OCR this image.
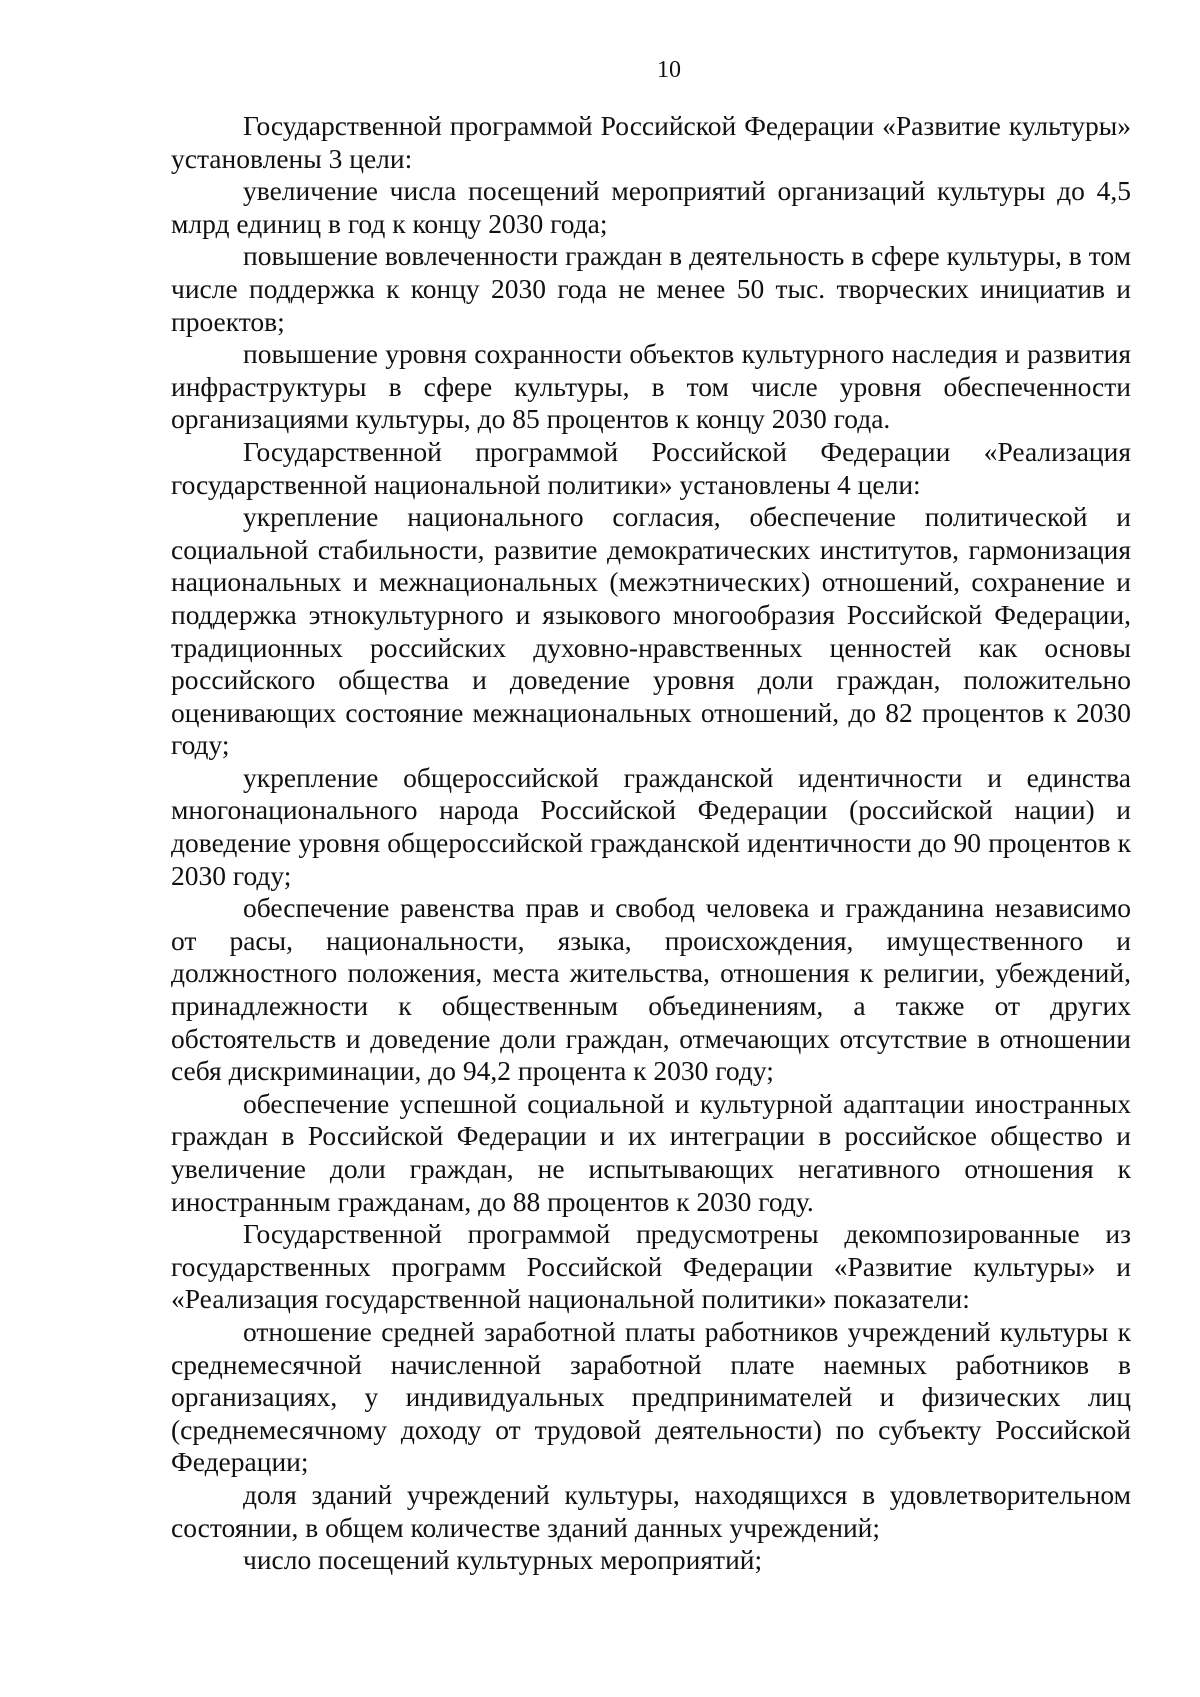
10

Государственной программой Российской Федерации «Развитие культуры» установлены 3 цели:

увеличение числа посещений мероприятий организаций культуры до 4,5 млрд единиц в год к концу 2030 года;

повышение вовлеченности граждан в деятельность в сфере культуры, в том числе поддержка к концу 2030 года не менее 50 тыс. творческих инициатив и проектов;

повышение уровня сохранности объектов культурного наследия и развития инфраструктуры в сфере культуры, в том числе уровня обеспеченности организациями культуры, до 85 процентов к концу 2030 года.

Государственной программой Российской Федерации «Реализация государственной национальной политики» установлены 4 цели:

укрепление национального согласия, обеспечение политической и социальной стабильности, развитие демократических институтов, гармонизация национальных и межнациональных (межэтнических) отношений, сохранение и поддержка этнокультурного и языкового многообразия Российской Федерации, традиционных российских духовно-нравственных ценностей как основы российского общества и доведение уровня доли граждан, положительно оценивающих состояние межнациональных отношений, до 82 процентов к 2030 году;

укрепление общероссийской гражданской идентичности и единства многонационального народа Российской Федерации (российской нации) и доведение уровня общероссийской гражданской идентичности до 90 процентов к 2030 году;

обеспечение равенства прав и свобод человека и гражданина независимо от расы, национальности, языка, происхождения, имущественного и должностного положения, места жительства, отношения к религии, убеждений, принадлежности к общественным объединениям, а также от других обстоятельств и доведение доли граждан, отмечающих отсутствие в отношении себя дискриминации, до 94,2 процента к 2030 году;

обеспечение успешной социальной и культурной адаптации иностранных граждан в Российской Федерации и их интеграции в российское общество и увеличение доли граждан, не испытывающих негативного отношения к иностранным гражданам, до 88 процентов к 2030 году.

Государственной программой предусмотрены декомпозированные из государственных программ Российской Федерации «Развитие культуры» и «Реализация государственной национальной политики» показатели:

отношение средней заработной платы работников учреждений культуры к среднемесячной начисленной заработной плате наемных работников в организациях, у индивидуальных предпринимателей и физических лиц (среднемесячному доходу от трудовой деятельности) по субъекту Российской Федерации;

доля зданий учреждений культуры, находящихся в удовлетворительном состоянии, в общем количестве зданий данных учреждений;

число посещений культурных мероприятий;
